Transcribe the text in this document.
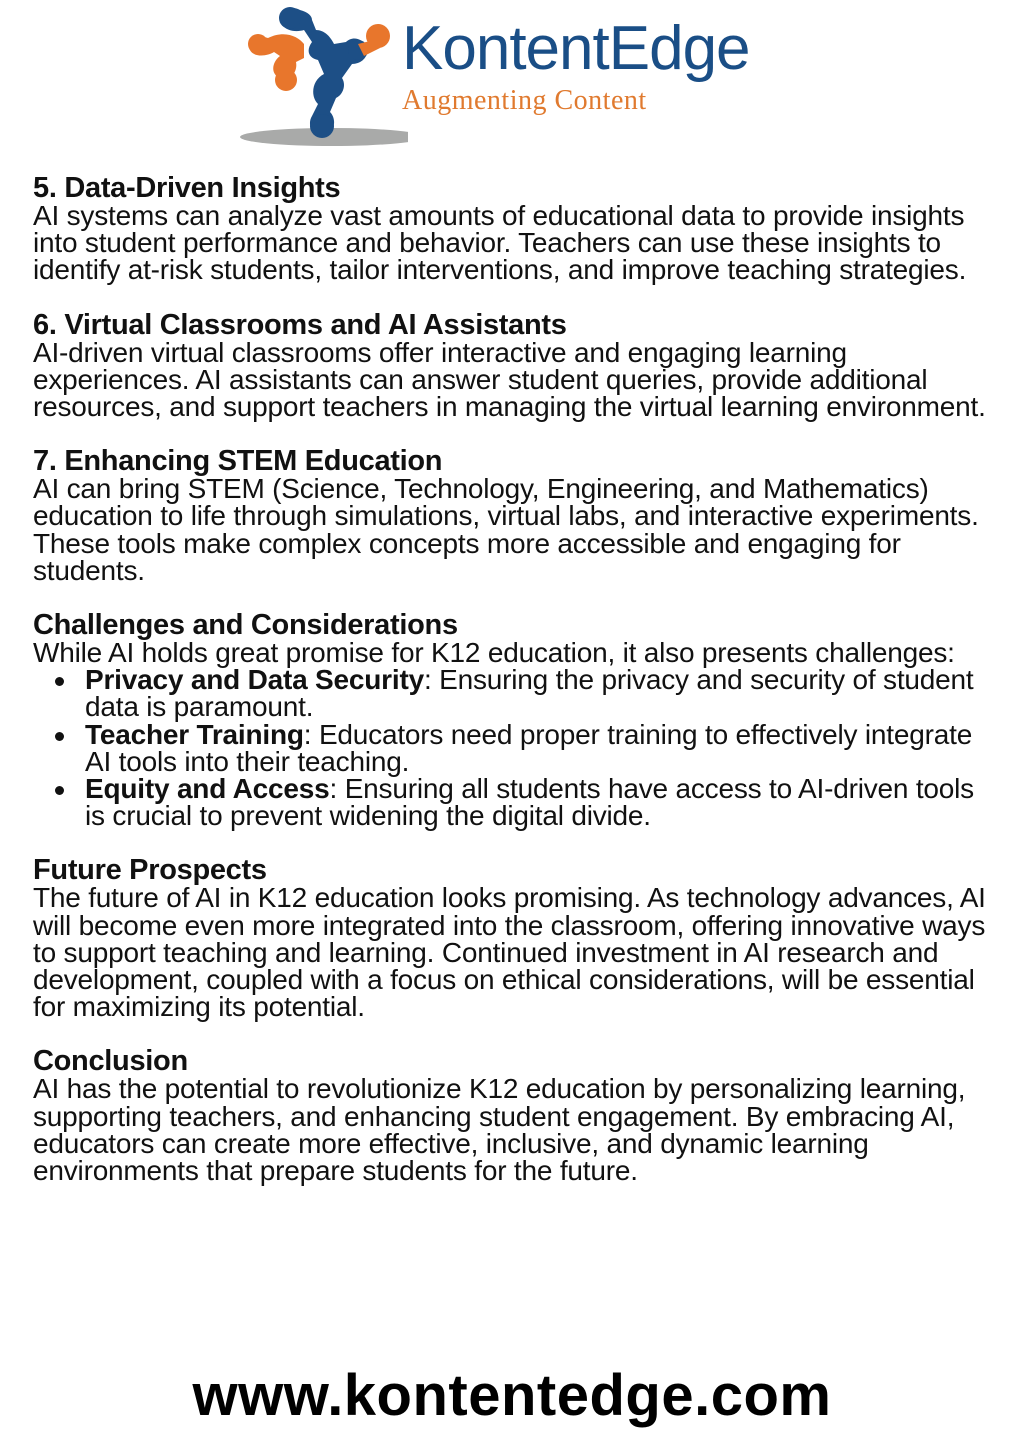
KontentEdge
Augmenting Content
5. Data-Driven Insights
AI systems can analyze vast amounts of educational data to provide insights into student performance and behavior. Teachers can use these insights to identify at-risk students, tailor interventions, and improve teaching strategies.
6. Virtual Classrooms and AI Assistants
AI-driven virtual classrooms offer interactive and engaging learning experiences. AI assistants can answer student queries, provide additional resources, and support teachers in managing the virtual learning environment.
7. Enhancing STEM Education
AI can bring STEM (Science, Technology, Engineering, and Mathematics) education to life through simulations, virtual labs, and interactive experiments. These tools make complex concepts more accessible and engaging for students.
Challenges and Considerations
While AI holds great promise for K12 education, it also presents challenges:
Privacy and Data Security: Ensuring the privacy and security of student data is paramount.
Teacher Training: Educators need proper training to effectively integrate AI tools into their teaching.
Equity and Access: Ensuring all students have access to AI-driven tools is crucial to prevent widening the digital divide.
Future Prospects
The future of AI in K12 education looks promising. As technology advances, AI will become even more integrated into the classroom, offering innovative ways to support teaching and learning. Continued investment in AI research and development, coupled with a focus on ethical considerations, will be essential for maximizing its potential.
Conclusion
AI has the potential to revolutionize K12 education by personalizing learning, supporting teachers, and enhancing student engagement. By embracing AI, educators can create more effective, inclusive, and dynamic learning environments that prepare students for the future.
www.kontentedge.com
